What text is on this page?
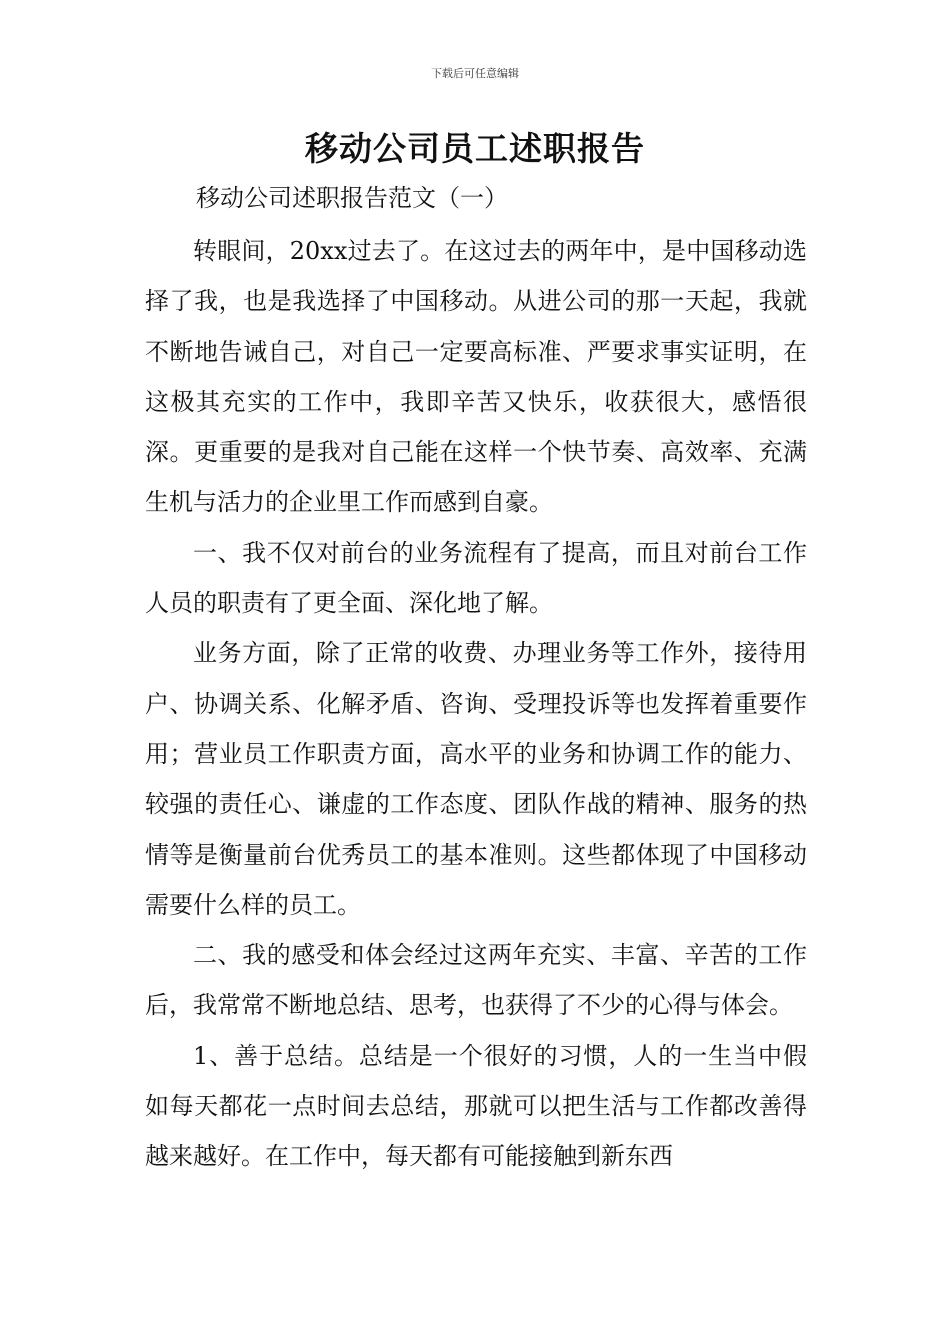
下载后可任意编辑
移动公司员工述职报告
移动公司述职报告范文（一）

转眼间，20xx过去了。在这过去的两年中，是中国移动选择了我，也是我选择了中国移动。从进公司的那一天起，我就不断地告诫自己，对自己一定要高标准、严要求事实证明，在这极其充实的工作中，我即辛苦又快乐，收获很大，感悟很深。更重要的是我对自己能在这样一个快节奏、高效率、充满生机与活力的企业里工作而感到自豪。

一、我不仅对前台的业务流程有了提高，而且对前台工作人员的职责有了更全面、深化地了解。

业务方面，除了正常的收费、办理业务等工作外，接待用户、协调关系、化解矛盾、咨询、受理投诉等也发挥着重要作用；营业员工作职责方面，高水平的业务和协调工作的能力、较强的责任心、谦虚的工作态度、团队作战的精神、服务的热情等是衡量前台优秀员工的基本准则。这些都体现了中国移动需要什么样的员工。

二、我的感受和体会经过这两年充实、丰富、辛苦的工作后，我常常不断地总结、思考，也获得了不少的心得与体会。

1、善于总结。总结是一个很好的习惯，人的一生当中假如每天都花一点时间去总结，那就可以把生活与工作都改善得越来越好。在工作中，每天都有可能接触到新东西
